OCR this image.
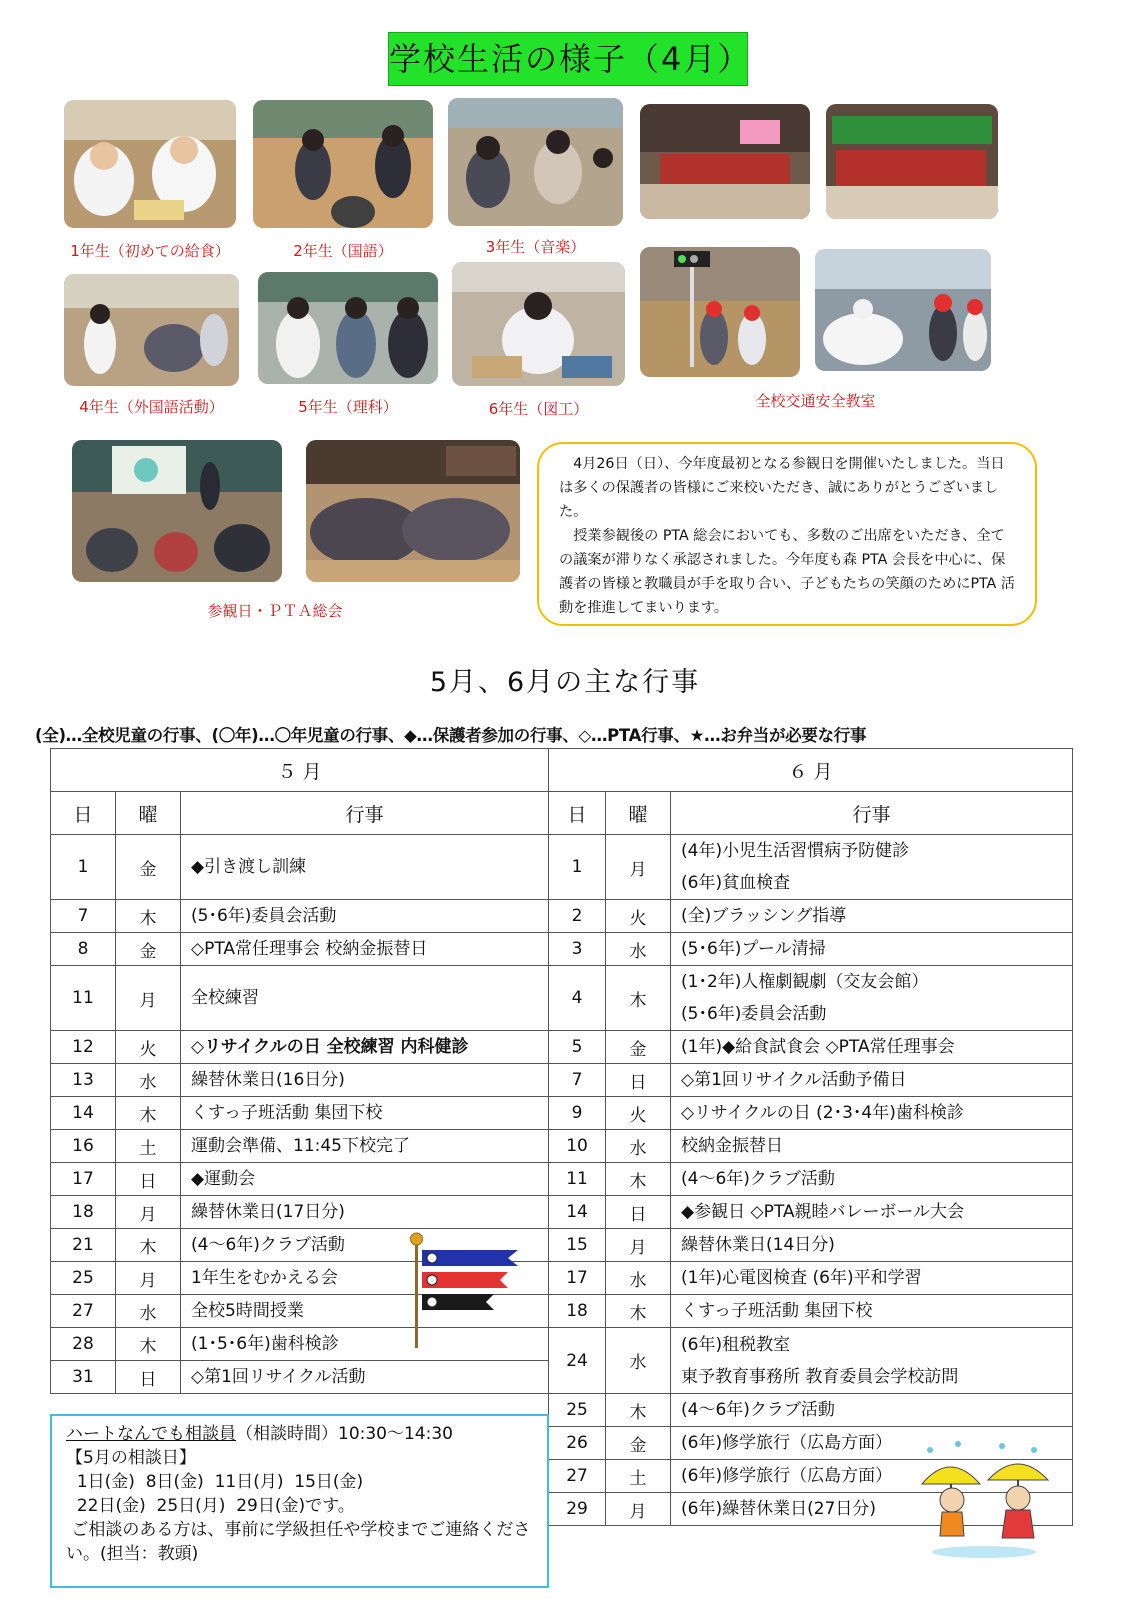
学校生活の様子（4月）
1年生（初めての給食）	2年生（国語）	3年生（音楽）
4年生（外国語活動）	5年生（理科）	6年生（図工）	全校交通安全教室
参観日・ＰＴＡ総会

4月26日（日）、今年度最初となる参観日を開催いたしました。当日は多くの保護者の皆様にご来校いただき、誠にありがとうございました。

授業参観後の PTA 総会においても、多数のご出席をいただき、全ての議案が滞りなく承認されました。今年度も森 PTA 会長を中心に、保護者の皆様と教職員が手を取り合い、子どもたちの笑顔のためにPTA 活動を推進してまいります。

5月、6月の主な行事
(全)…全校児童の行事、(〇年)…〇年児童の行事、◆…保護者参加の行事、◇…PTA行事、★…お弁当が必要な行事
５ 月			６ 月		
日	曜	行事	日	曜	行事
1	金	◆引き渡し訓練	1	月	(4年)小児生活習慣病予防健診
(6年)貧血検査

7	木	(5･6年)委員会活動	2	火	(全)ブラッシング指導

8	金	◇PTA常任理事会 校納金振替日	3	水	(5･6年)プール清掃

11	月	全校練習	4	木	(1･2年)人権劇観劇（交友会館）
(5･6年)委員会活動

12	火	◇リサイクルの日 全校練習 内科健診	5	金	(1年)◆給食試食会 ◇PTA常任理事会

13	水	繰替休業日(16日分)	7	日	◇第1回リサイクル活動予備日

14	木	くすっ子班活動 集団下校	9	火	◇リサイクルの日 (2･3･4年)歯科検診

16	土	運動会準備、11:45下校完了	10	水	校納金振替日

17	日	◆運動会	11	木	(4～6年)クラブ活動

18	月	繰替休業日(17日分)	14	日	◆参観日 ◇PTA親睦バレーボール大会

21	木	(4～6年)クラブ活動	15	月	繰替休業日(14日分)

25	月	1年生をむかえる会	17	水	(1年)心電図検査 (6年)平和学習

27	水	全校5時間授業	18	木	くすっ子班活動 集団下校

28	木	(1･5･6年)歯科検診	24	水	(6年)租税教室
東予教育事務所 教育委員会学校訪問

31	日	◇第1回リサイクル活動			

			25	木	(4～6年)クラブ活動

			26	金	(6年)修学旅行（広島方面）

			27	土	(6年)修学旅行（広島方面）

			29	月	(6年)繰替休業日(27日分)
ハートなんでも相談員（相談時間）10:30～14:30
【5月の相談日】
1日(金)  8日(金)  11日(月)  15日(金)
22日(金)  25日(月)  29日(金)です。
ご相談のある方は、事前に学級担任や学校までご連絡ください。(担当：教頭)
